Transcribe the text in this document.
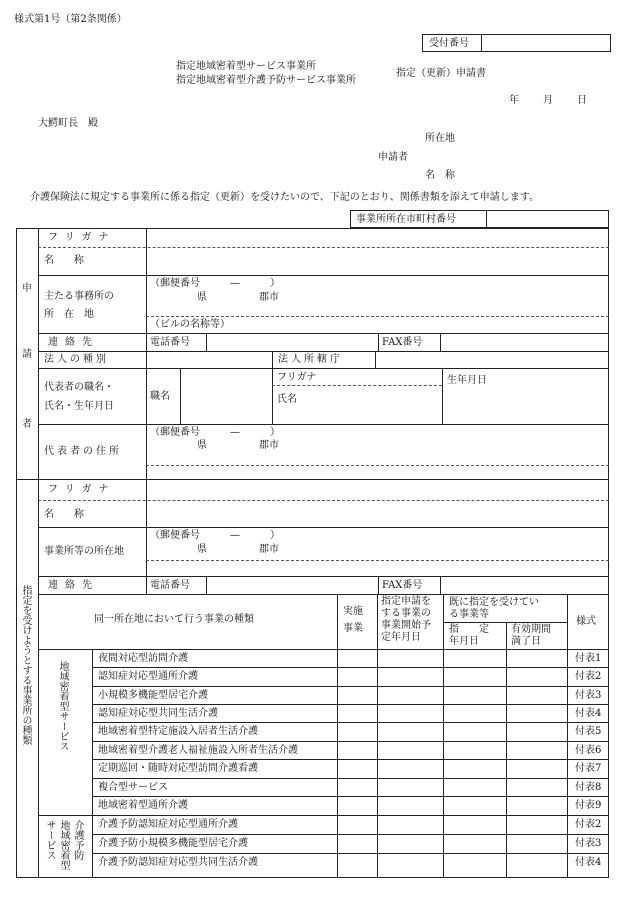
様式第1号（第2条関係）
受付番号
指定地域密着型サービス事業所
指定地域密着型介護予防サービス事業所
指定（更新）申請書
年 月 日
大鰐町長　殿
所在地
申請者
名　称
介護保険法に規定する事業所に係る指定（更新）を受けたいので、下記のとおり、関係書類を添えて申請します。
事業所所在市町村番号
申
請
者
フリガナ
名　　称
主たる事務所の
所　在　地
（郵便番号　　　—　　　）
県	郡市
（ビルの名称等）
連絡先	電話番号	FAX番号
法人の種別	法人所轄庁
代表者の職名・
氏名・生年月日
職名
フリガナ
氏名
生年月日
代表者の住所
（郵便番号　　　—　　　）
県	郡市
指定を受けようとする事業所の種類
フリガナ
名　　称
事業所等の所在地
（郵便番号　　　—　　　）
県	郡市
連絡先	電話番号	FAX番号
同一所在地において行う事業の種類
実施
事業
指定申請を
する事業の
事業開始予
定年月日
既に指定を受けてい
る事業等
指　　定
年月日
有効期間
満了日
様式
地域密着型サービス
介護予防
地域密着型
サービス
夜間対応型訪問介護	付表1
認知症対応型通所介護	付表2
小規模多機能型居宅介護	付表3
認知症対応型共同生活介護	付表4
地域密着型特定施設入居者生活介護	付表5
地域密着型介護老人福祉施設入所者生活介護	付表6
定期巡回・随時対応型訪問介護看護	付表7
複合型サービス	付表8
地域密着型通所介護	付表9
介護予防認知症対応型通所介護	付表2
介護予防小規模多機能型居宅介護	付表3
介護予防認知症対応型共同生活介護	付表4
